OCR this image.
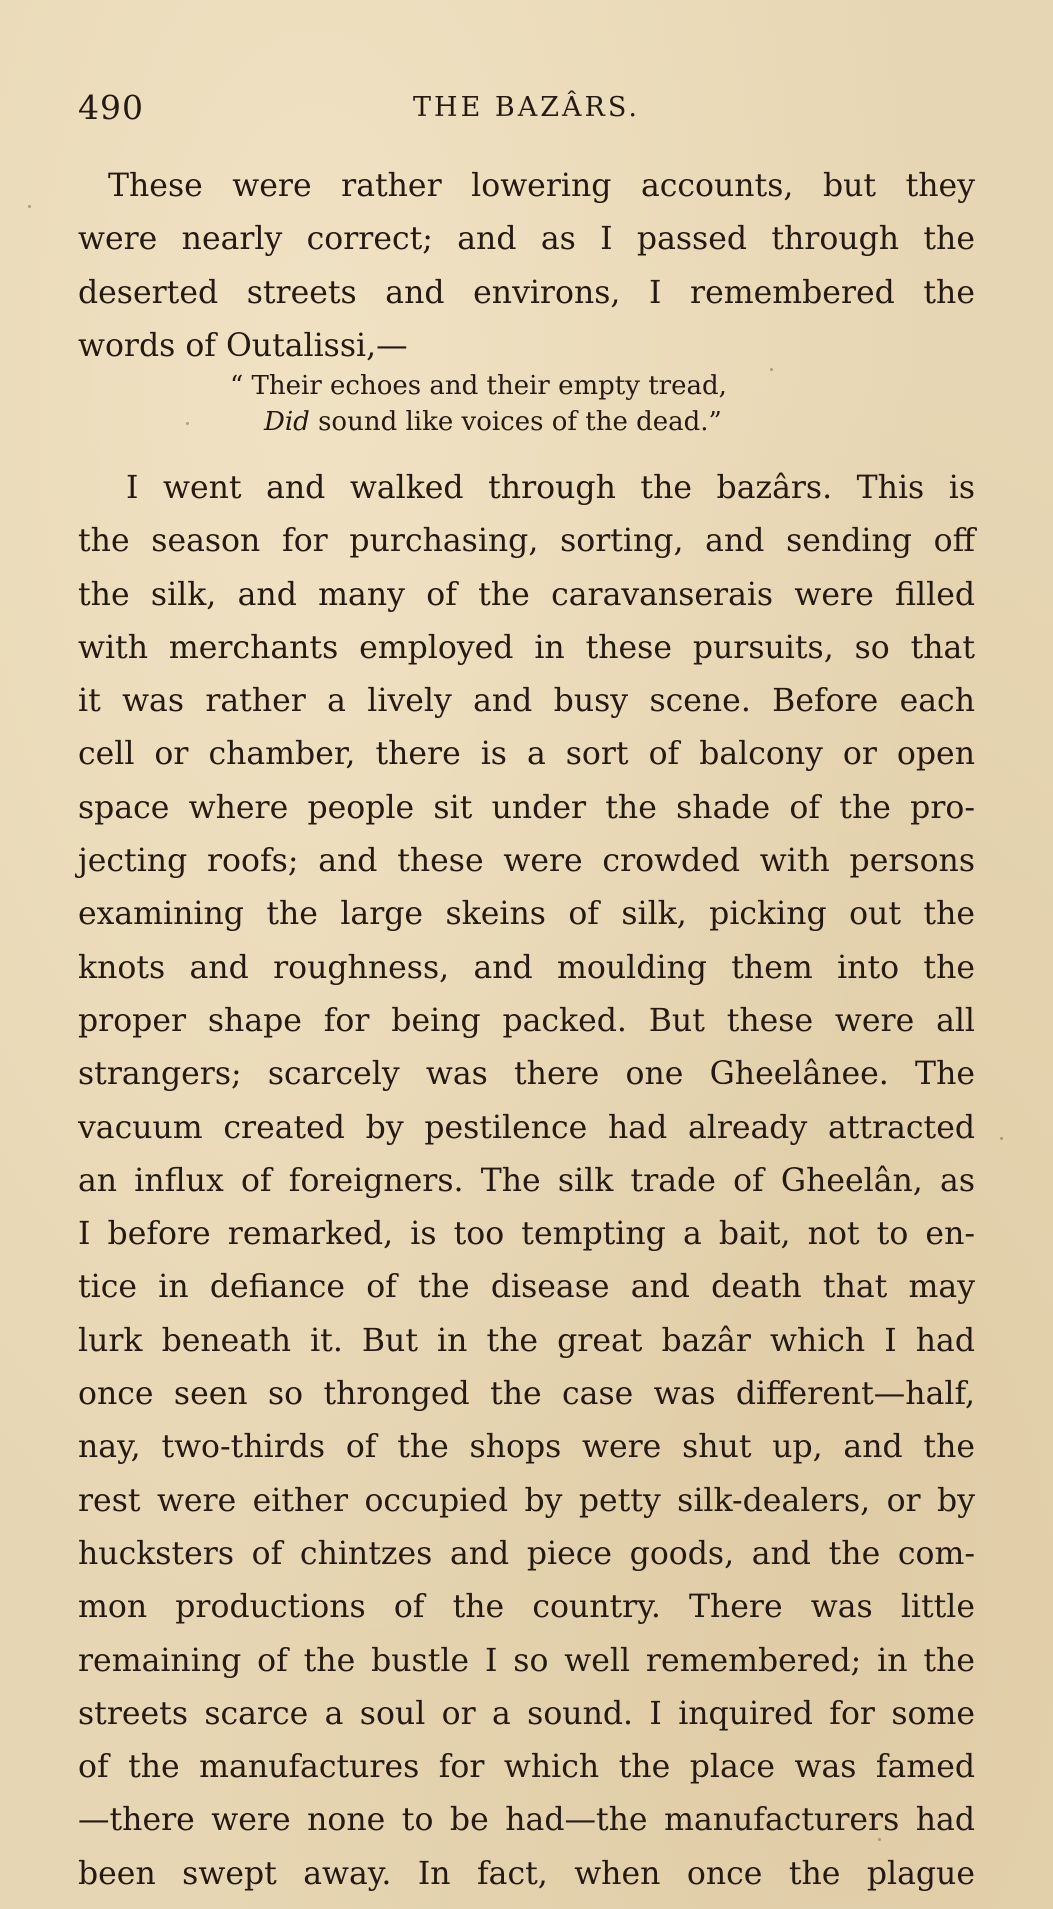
490	THE BAZÂRS.
These were rather lowering accounts, but they
were nearly correct; and as I passed through the
deserted streets and environs, I remembered the
words of Outalissi,—
“ Their echoes and their empty tread,
Did sound like voices of the dead.”
I went and walked through the bazârs. This is
the season for purchasing, sorting, and sending off
the silk, and many of the caravanserais were filled
with merchants employed in these pursuits, so that
it was rather a lively and busy scene. Before each
cell or chamber, there is a sort of balcony or open
space where people sit under the shade of the pro-
jecting roofs; and these were crowded with persons
examining the large skeins of silk, picking out the
knots and roughness, and moulding them into the
proper shape for being packed. But these were all
strangers; scarcely was there one Gheelânee. The
vacuum created by pestilence had already attracted
an influx of foreigners. The silk trade of Gheelân, as
I before remarked, is too tempting a bait, not to en-
tice in defiance of the disease and death that may
lurk beneath it. But in the great bazâr which I had
once seen so thronged the case was different—half,
nay, two-thirds of the shops were shut up, and the
rest were either occupied by petty silk-dealers, or by
hucksters of chintzes and piece goods, and the com-
mon productions of the country. There was little
remaining of the bustle I so well remembered; in the
streets scarce a soul or a sound. I inquired for some
of the manufactures for which the place was famed
—there were none to be had—the manufacturers had
been swept away. In fact, when once the plague
